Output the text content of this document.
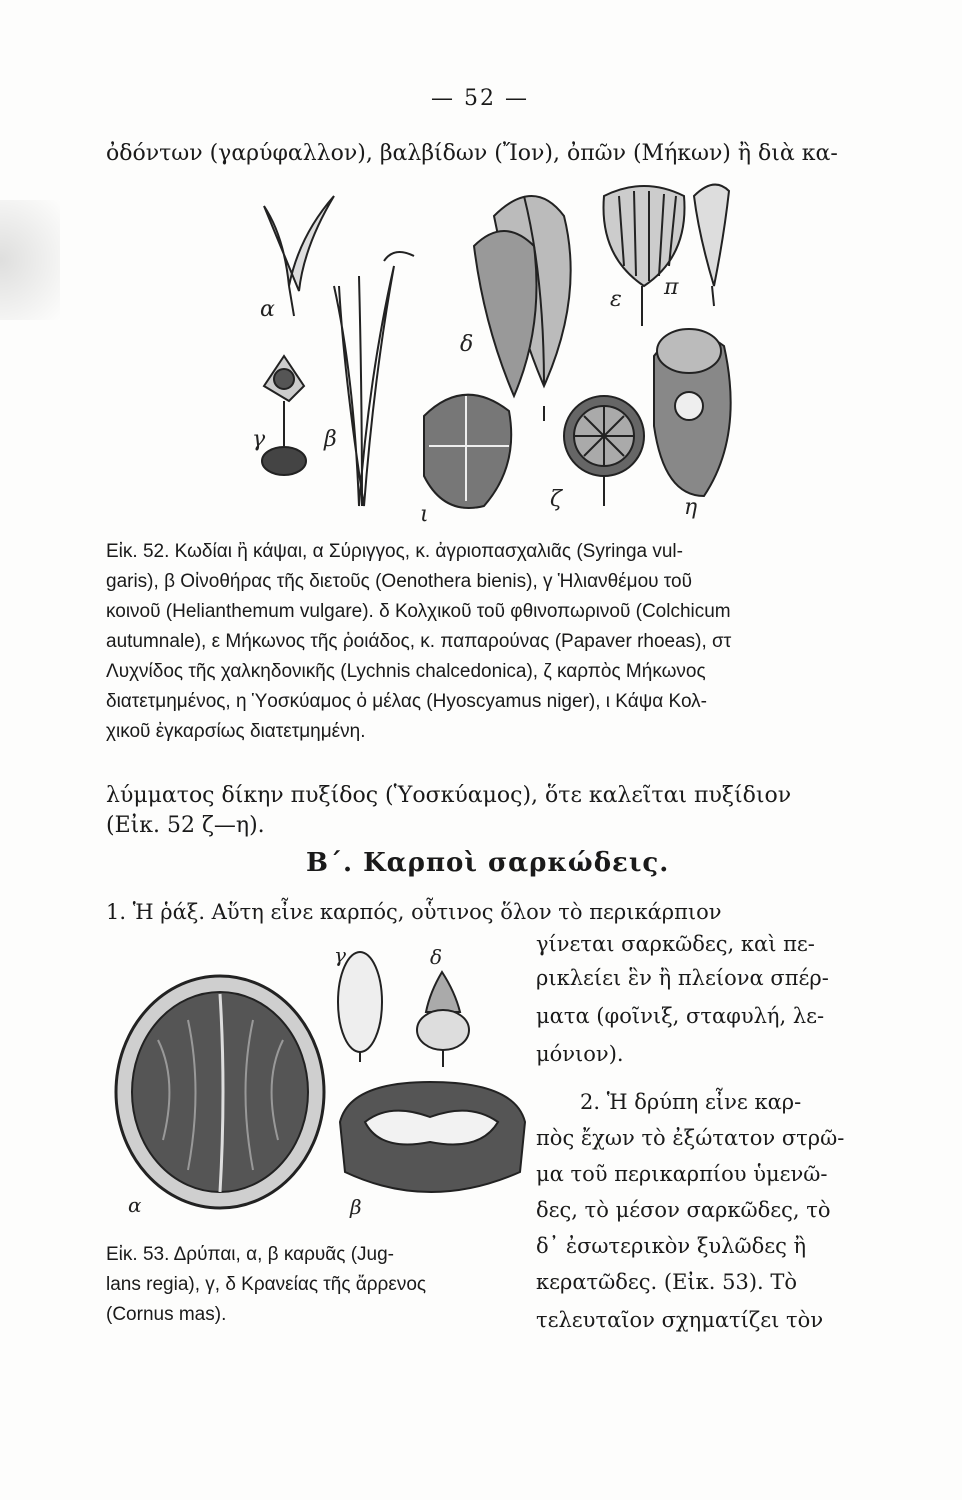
— 52 —
ὀδόντων (γαρύφαλλον), βαλβίδων (Ἴον), ὀπῶν (Μήκων) ἢ διὰ κα-
α
γ	β
δ
ε π
ι
ζ	η
Εἰκ. 52. Κωδίαι ἢ κάψαι, α Σύριγγος, κ. ἀγριοπασχαλιᾶς (Syringa vul-
garis), β Οἰνοθήρας τῆς διετοῦς (Oenothera bienis), γ Ἡλιανθέμου τοῦ
κοινοῦ (Helianthemum vulgare). δ Κολχικοῦ τοῦ φθινοπωρινοῦ (Colchicum
autumnale), ε Μήκωνος τῆς ῥοιάδος, κ. παπαρούνας (Papaver rhoeas), στ
Λυχνίδος τῆς χαλκηδονικῆς (Lychnis chalcedonica), ζ καρπὸς Μήκωνος
διατετμημένος, η Ὑοσκύαμος ὁ μέλας (Hyoscyamus niger), ι Κάψα Κολ-
χικοῦ ἐγκαρσίως διατετμημένη.
λύμματος δίκην πυξίδος (Ὑοσκύαμος), ὅτε καλεῖται πυξίδιον
(Εἰκ. 52 ζ—η).
Β΄. Καρποὶ σαρκώδεις.
1. Ἡ ῥάξ. Αὕτη εἶνε καρπός, οὗτινος ὅλον τὸ περικάρπιον
α
γ	δ
β
γίνεται σαρκῶδες, καὶ πε-
ρικλείει ἓν ἢ πλείονα σπέρ-
ματα (φοῖνιξ, σταφυλή, λε-
μόνιον).
2. Ἡ δρύπη εἶνε καρ-
πὸς ἔχων τὸ ἐξώτατον στρῶ-
μα τοῦ περικαρπίου ὑμενῶ-
δες, τὸ μέσον σαρκῶδες, τὸ
δ᾽ ἐσωτερικὸν ξυλῶδες ἢ
κερατῶδες. (Εἰκ. 53). Τὸ
τελευταῖον σχηματίζει τὸν
Εἰκ. 53. Δρύπαι, α, β καρυᾶς (Jug-
lans regia), γ, δ Κρανείας τῆς ἄρρενος
(Cornus mas).
